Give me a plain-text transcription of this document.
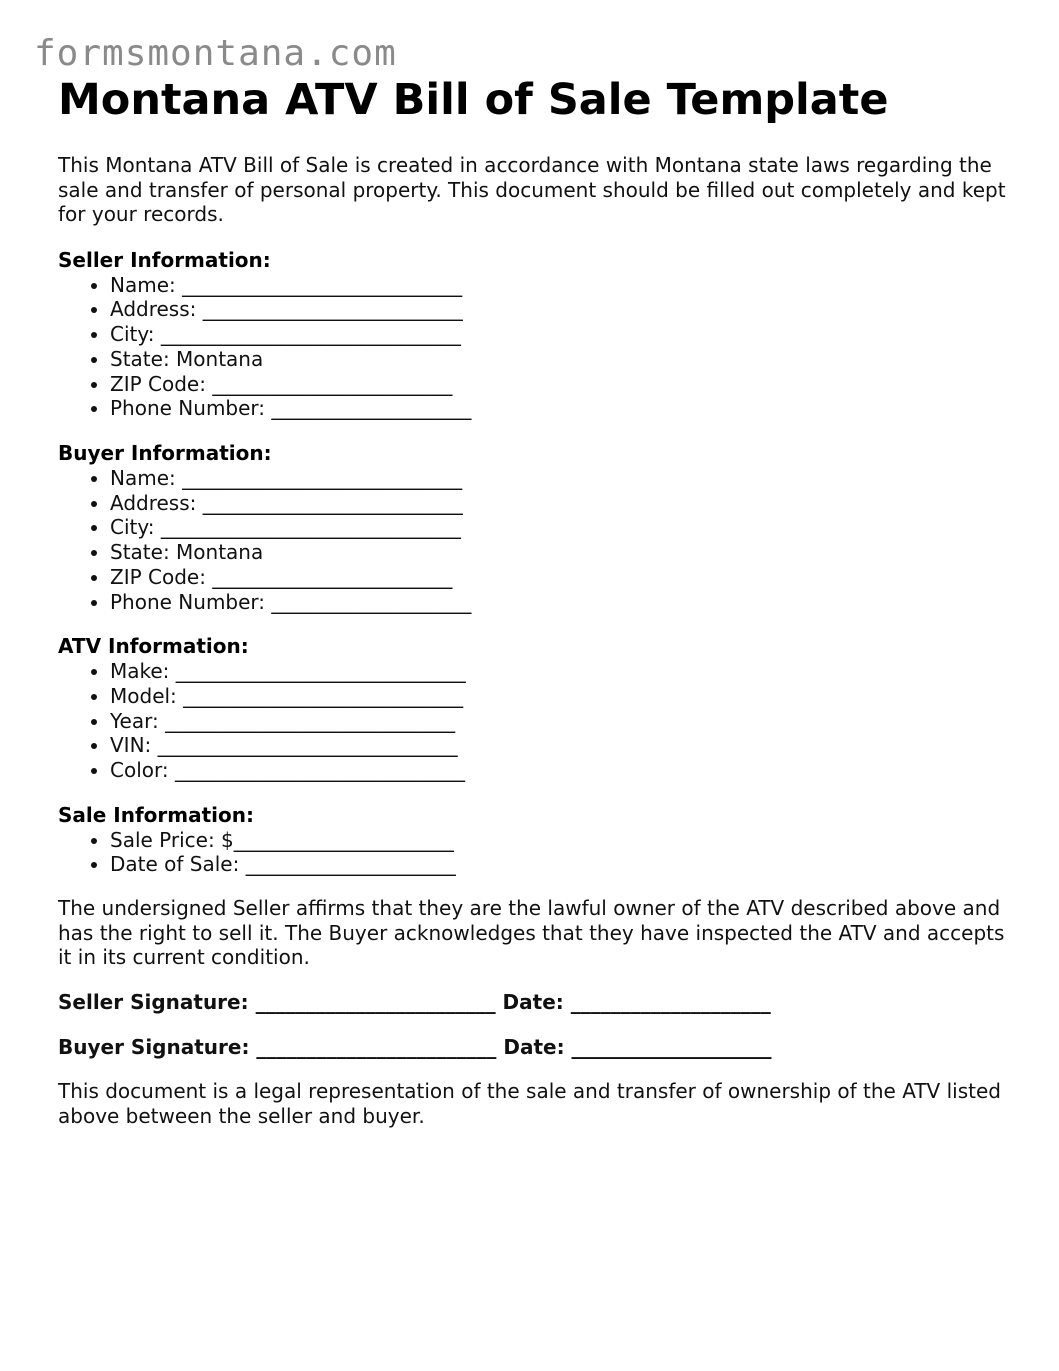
formsmontana.com
Montana ATV Bill of Sale Template

This Montana ATV Bill of Sale is created in accordance with Montana state laws regarding the sale and transfer of personal property. This document should be filled out completely and kept for your records.

Seller Information:
• Name: ____________________________
• Address: __________________________
• City: ______________________________
• State: Montana
• ZIP Code: ________________________
• Phone Number: ____________________
Buyer Information:
• Name: ____________________________
• Address: __________________________
• City: ______________________________
• State: Montana
• ZIP Code: ________________________
• Phone Number: ____________________
ATV Information:
• Make: _____________________________
• Model: ____________________________
• Year: _____________________________
• VIN: ______________________________
• Color: _____________________________
Sale Information:
• Sale Price: $______________________
• Date of Sale: _____________________

The undersigned Seller affirms that they are the lawful owner of the ATV described above and has the right to sell it. The Buyer acknowledges that they have inspected the ATV and accepts it in its current condition.

Seller Signature: ________________________ Date: ____________________
Buyer Signature: ________________________ Date: ____________________

This document is a legal representation of the sale and transfer of ownership of the ATV listed above between the seller and buyer.
